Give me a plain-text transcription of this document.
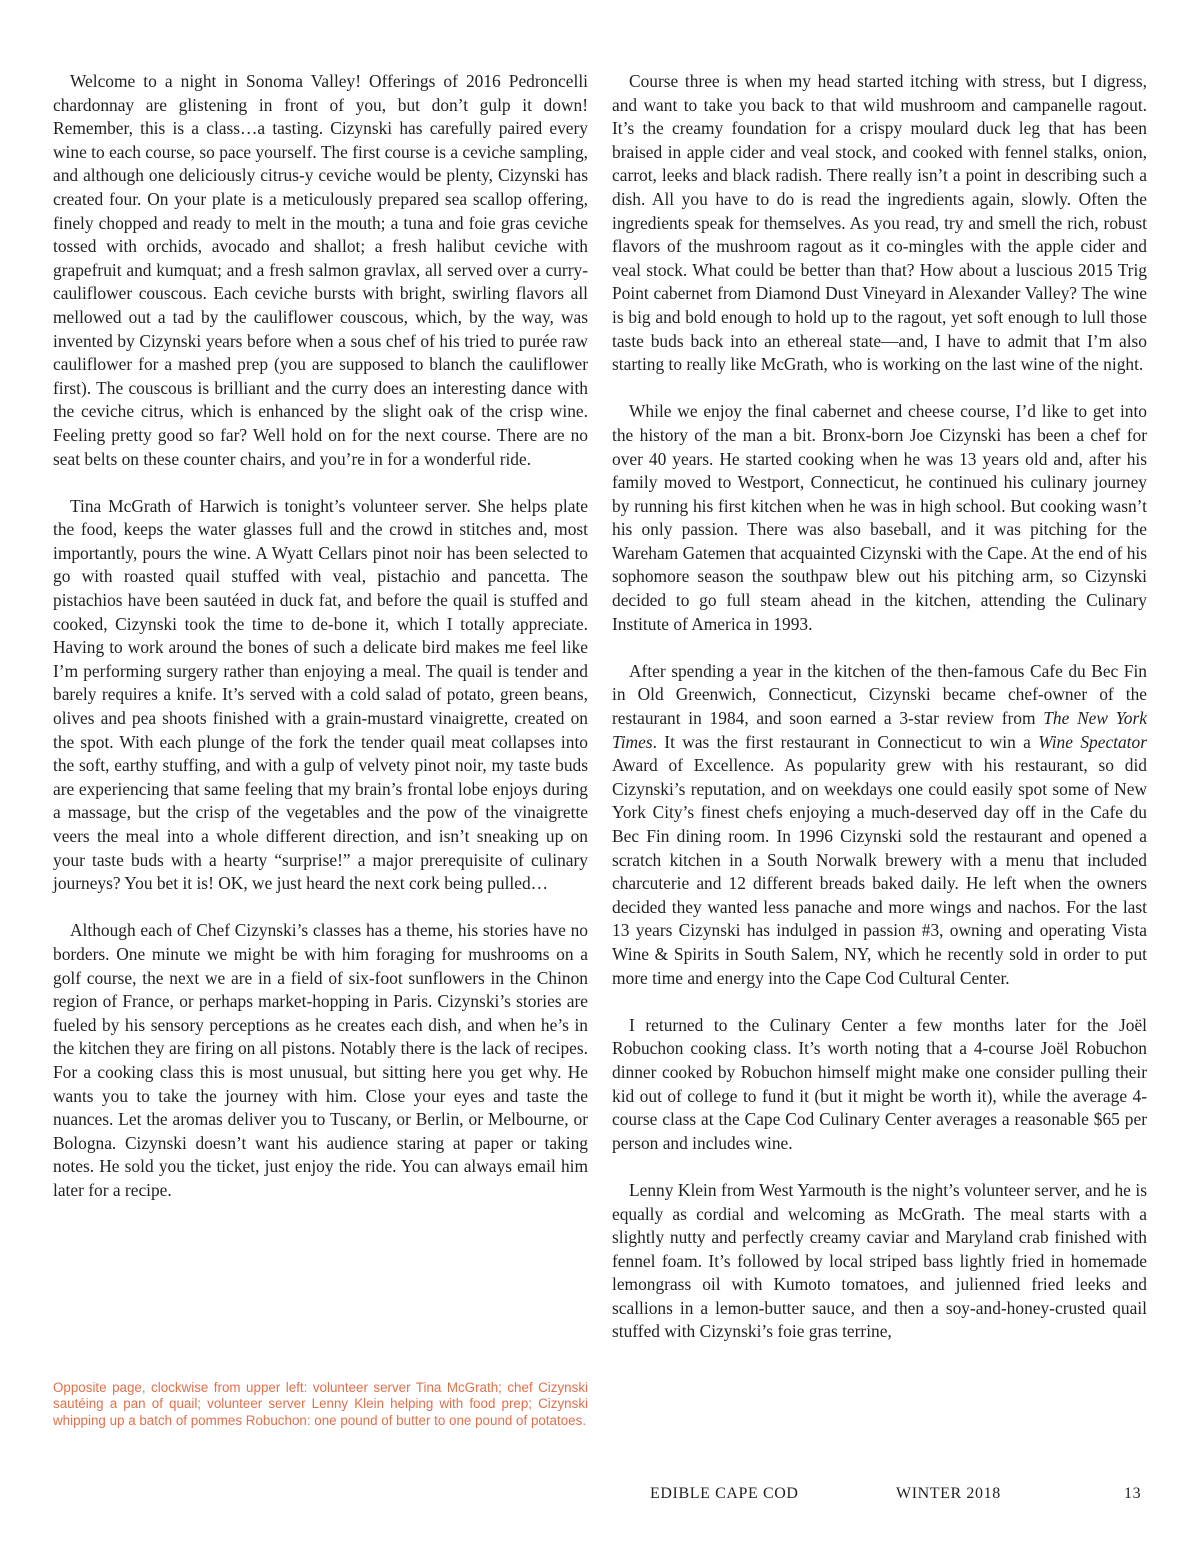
Welcome to a night in Sonoma Valley! Offerings of 2016 Pedroncelli chardonnay are glistening in front of you, but don’t gulp it down! Remember, this is a class…a tasting. Cizynski has carefully paired every wine to each course, so pace yourself. The first course is a ceviche sampling, and although one deliciously citrus-y ceviche would be plenty, Cizynski has created four. On your plate is a meticulously prepared sea scallop offering, finely chopped and ready to melt in the mouth; a tuna and foie gras ceviche tossed with orchids, avocado and shallot; a fresh halibut ceviche with grapefruit and kumquat; and a fresh salmon gravlax, all served over a curry-cauliflower couscous. Each ceviche bursts with bright, swirling flavors all mellowed out a tad by the cauliflower couscous, which, by the way, was invented by Cizynski years before when a sous chef of his tried to purée raw cauliflower for a mashed prep (you are supposed to blanch the cauliflower first). The couscous is brilliant and the curry does an interesting dance with the ceviche citrus, which is enhanced by the slight oak of the crisp wine. Feeling pretty good so far? Well hold on for the next course. There are no seat belts on these counter chairs, and you’re in for a wonderful ride.

Tina McGrath of Harwich is tonight’s volunteer server. She helps plate the food, keeps the water glasses full and the crowd in stitches and, most importantly, pours the wine. A Wyatt Cellars pinot noir has been selected to go with roasted quail stuffed with veal, pistachio and pancetta. The pistachios have been sautéed in duck fat, and before the quail is stuffed and cooked, Cizynski took the time to de-bone it, which I totally appreciate. Having to work around the bones of such a delicate bird makes me feel like I’m performing surgery rather than enjoying a meal. The quail is tender and barely requires a knife. It’s served with a cold salad of potato, green beans, olives and pea shoots finished with a grain-mustard vinaigrette, created on the spot. With each plunge of the fork the tender quail meat collapses into the soft, earthy stuffing, and with a gulp of velvety pinot noir, my taste buds are experiencing that same feeling that my brain’s frontal lobe enjoys during a massage, but the crisp of the vegetables and the pow of the vinaigrette veers the meal into a whole different direction, and isn’t sneaking up on your taste buds with a hearty “surprise!” a major prerequisite of culinary journeys? You bet it is! OK, we just heard the next cork being pulled…

Although each of Chef Cizynski’s classes has a theme, his stories have no borders. One minute we might be with him foraging for mushrooms on a golf course, the next we are in a field of six-foot sunflowers in the Chinon region of France, or perhaps market-hopping in Paris. Cizynski’s stories are fueled by his sensory perceptions as he creates each dish, and when he’s in the kitchen they are firing on all pistons. Notably there is the lack of recipes. For a cooking class this is most unusual, but sitting here you get why. He wants you to take the journey with him. Close your eyes and taste the nuances. Let the aromas deliver you to Tuscany, or Berlin, or Melbourne, or Bologna. Cizynski doesn’t want his audience staring at paper or taking notes. He sold you the ticket, just enjoy the ride. You can always email him later for a recipe.

Opposite page, clockwise from upper left: volunteer server Tina McGrath; chef Cizynski sautéing a pan of quail; volunteer server Lenny Klein helping with food prep; Cizynski whipping up a batch of pommes Robuchon: one pound of butter to one pound of potatoes.

Course three is when my head started itching with stress, but I digress, and want to take you back to that wild mushroom and campanelle ragout. It’s the creamy foundation for a crispy moulard duck leg that has been braised in apple cider and veal stock, and cooked with fennel stalks, onion, carrot, leeks and black radish. There really isn’t a point in describing such a dish. All you have to do is read the ingredients again, slowly. Often the ingredients speak for themselves. As you read, try and smell the rich, robust flavors of the mushroom ragout as it co-mingles with the apple cider and veal stock. What could be better than that? How about a luscious 2015 Trig Point cabernet from Diamond Dust Vineyard in Alexander Valley? The wine is big and bold enough to hold up to the ragout, yet soft enough to lull those taste buds back into an ethereal state—and, I have to admit that I’m also starting to really like McGrath, who is working on the last wine of the night.

While we enjoy the final cabernet and cheese course, I’d like to get into the history of the man a bit. Bronx-born Joe Cizynski has been a chef for over 40 years. He started cooking when he was 13 years old and, after his family moved to Westport, Connecticut, he continued his culinary journey by running his first kitchen when he was in high school. But cooking wasn’t his only passion. There was also baseball, and it was pitching for the Wareham Gatemen that acquainted Cizynski with the Cape. At the end of his sophomore season the southpaw blew out his pitching arm, so Cizynski decided to go full steam ahead in the kitchen, attending the Culinary Institute of America in 1993.

After spending a year in the kitchen of the then-famous Cafe du Bec Fin in Old Greenwich, Connecticut, Cizynski became chef-owner of the restaurant in 1984, and soon earned a 3-star review from The New York Times. It was the first restaurant in Connecticut to win a Wine Spectator Award of Excellence. As popularity grew with his restaurant, so did Cizynski’s reputation, and on weekdays one could easily spot some of New York City’s finest chefs enjoying a much-deserved day off in the Cafe du Bec Fin dining room. In 1996 Cizynski sold the restaurant and opened a scratch kitchen in a South Norwalk brewery with a menu that included charcuterie and 12 different breads baked daily. He left when the owners decided they wanted less panache and more wings and nachos. For the last 13 years Cizynski has indulged in passion #3, owning and operating Vista Wine & Spirits in South Salem, NY, which he recently sold in order to put more time and energy into the Cape Cod Cultural Center.

I returned to the Culinary Center a few months later for the Joël Robuchon cooking class. It’s worth noting that a 4-course Joël Robuchon dinner cooked by Robuchon himself might make one consider pulling their kid out of college to fund it (but it might be worth it), while the average 4-course class at the Cape Cod Culinary Center averages a reasonable $65 per person and includes wine.

Lenny Klein from West Yarmouth is the night’s volunteer server, and he is equally as cordial and welcoming as McGrath. The meal starts with a slightly nutty and perfectly creamy caviar and Maryland crab finished with fennel foam. It’s followed by local striped bass lightly fried in homemade lemongrass oil with Kumoto tomatoes, and julienned fried leeks and scallions in a lemon-butter sauce, and then a soy-and-honey-crusted quail stuffed with Cizynski’s foie gras terrine,

EDIBLE CAPE COD	WINTER 2018	13
